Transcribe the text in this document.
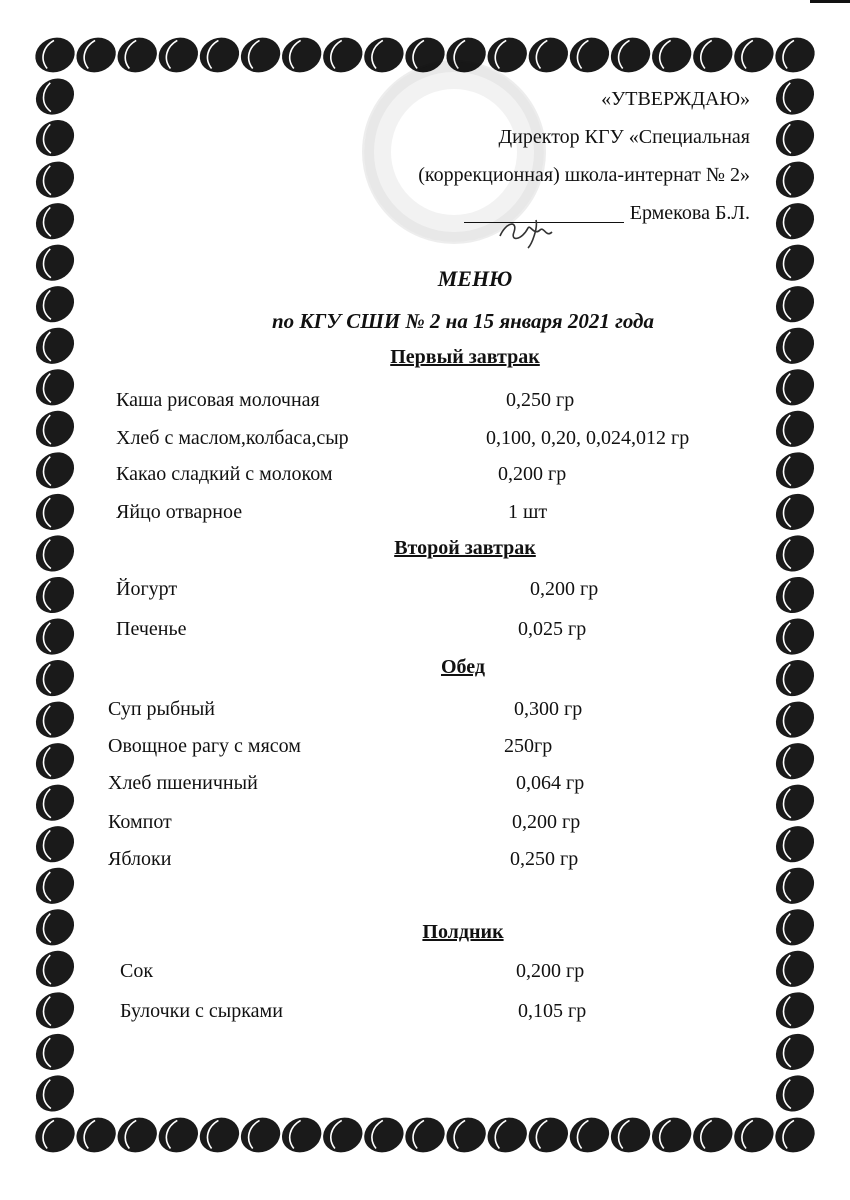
«УТВЕРЖДАЮ»
Директор КГУ «Специальная
(коррекционная) школа-интернат № 2»
Ермекова Б.Л.
МЕНЮ
по КГУ СШИ № 2 на 15 января 2021 года
Первый завтрак
Каша рисовая молочная	0,250 гр
Хлеб с маслом,колбаса,сыр	0,100, 0,20, 0,024,012 гр
Какао сладкий с молоком	0,200 гр
Яйцо отварное	1 шт
Второй завтрак
Йогурт	0,200 гр
Печенье	0,025 гр
Обед
Суп рыбный	0,300 гр
Овощное рагу с мясом	250гр
Хлеб пшеничный	0,064 гр
Компот	0,200 гр
Яблоки	0,250 гр
Полдник
Сок	0,200 гр
Булочки с сырками	0,105 гр
